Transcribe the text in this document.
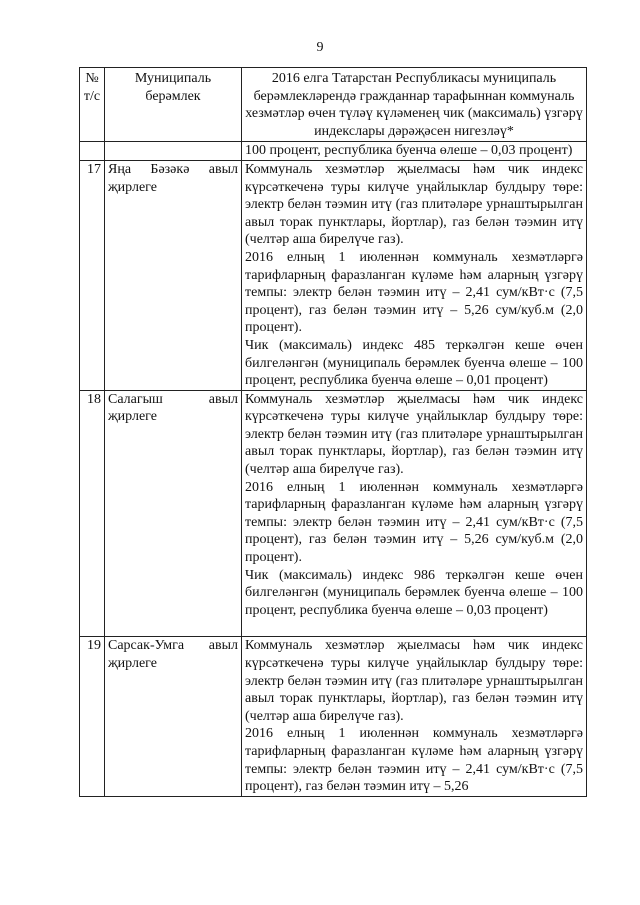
9
№ т/с	Муниципаль берәмлек	2016 елга Татарстан Республикасы муниципаль берәмлекләрендә гражданнар тарафыннан коммуналь хезмәтләр өчен түләү күләменең чик (максималь) үзгәрү индекслары дәрәҗәсен нигезләү*

		100 процент, республика буенча өлеше – 0,03 процент)

17	Яңа Бәзәкә авыл җирлеге	Коммуналь хезмәтләр җыелмасы һәм чик индекс күрсәткеченә туры килүче уңайлыклар булдыру төре: электр белән тәэмин итү (газ плитәләре урнаштырылган авыл торак пунктлары, йортлар), газ белән тәэмин итү (челтәр аша бирелүче газ).

2016 елның 1 июленнән коммуналь хезмәтләргә тарифларның фаразланган күләме һәм аларның үзгәрү темпы: электр белән тәэмин итү – 2,41 сум/кВт·с (7,5 процент), газ белән тәэмин итү – 5,26 сум/куб.м (2,0 процент).

Чик (максималь) индекс 485 теркәлгән кеше өчен билгеләнгән (муниципаль берәмлек буенча өлеше – 100 процент, республика буенча өлеше – 0,01 процент)

18	Салагыш авыл җирлеге	Коммуналь хезмәтләр җыелмасы һәм чик индекс күрсәткеченә туры килүче уңайлыклар булдыру төре: электр белән тәэмин итү (газ плитәләре урнаштырылган авыл торак пунктлары, йортлар), газ белән тәэмин итү (челтәр аша бирелүче газ).

2016 елның 1 июленнән коммуналь хезмәтләргә тарифларның фаразланган күләме һәм аларның үзгәрү темпы: электр белән тәэмин итү – 2,41 сум/кВт·с (7,5 процент), газ белән тәэмин итү – 5,26 сум/куб.м (2,0 процент).

Чик (максималь) индекс 986 теркәлгән кеше өчен билгеләнгән (муниципаль берәмлек буенча өлеше – 100 процент, республика буенча өлеше – 0,03 процент)

19	Сарсак-Умга авыл җирлеге	Коммуналь хезмәтләр җыелмасы һәм чик индекс күрсәткеченә туры килүче уңайлыклар булдыру төре: электр белән тәэмин итү (газ плитәләре урнаштырылган авыл торак пунктлары, йортлар), газ белән тәэмин итү (челтәр аша бирелүче газ).

2016 елның 1 июленнән коммуналь хезмәтләргә тарифларның фаразланган күләме һәм аларның үзгәрү темпы: электр белән тәэмин итү – 2,41 сум/кВт·с (7,5 процент), газ белән тәэмин итү – 5,26
